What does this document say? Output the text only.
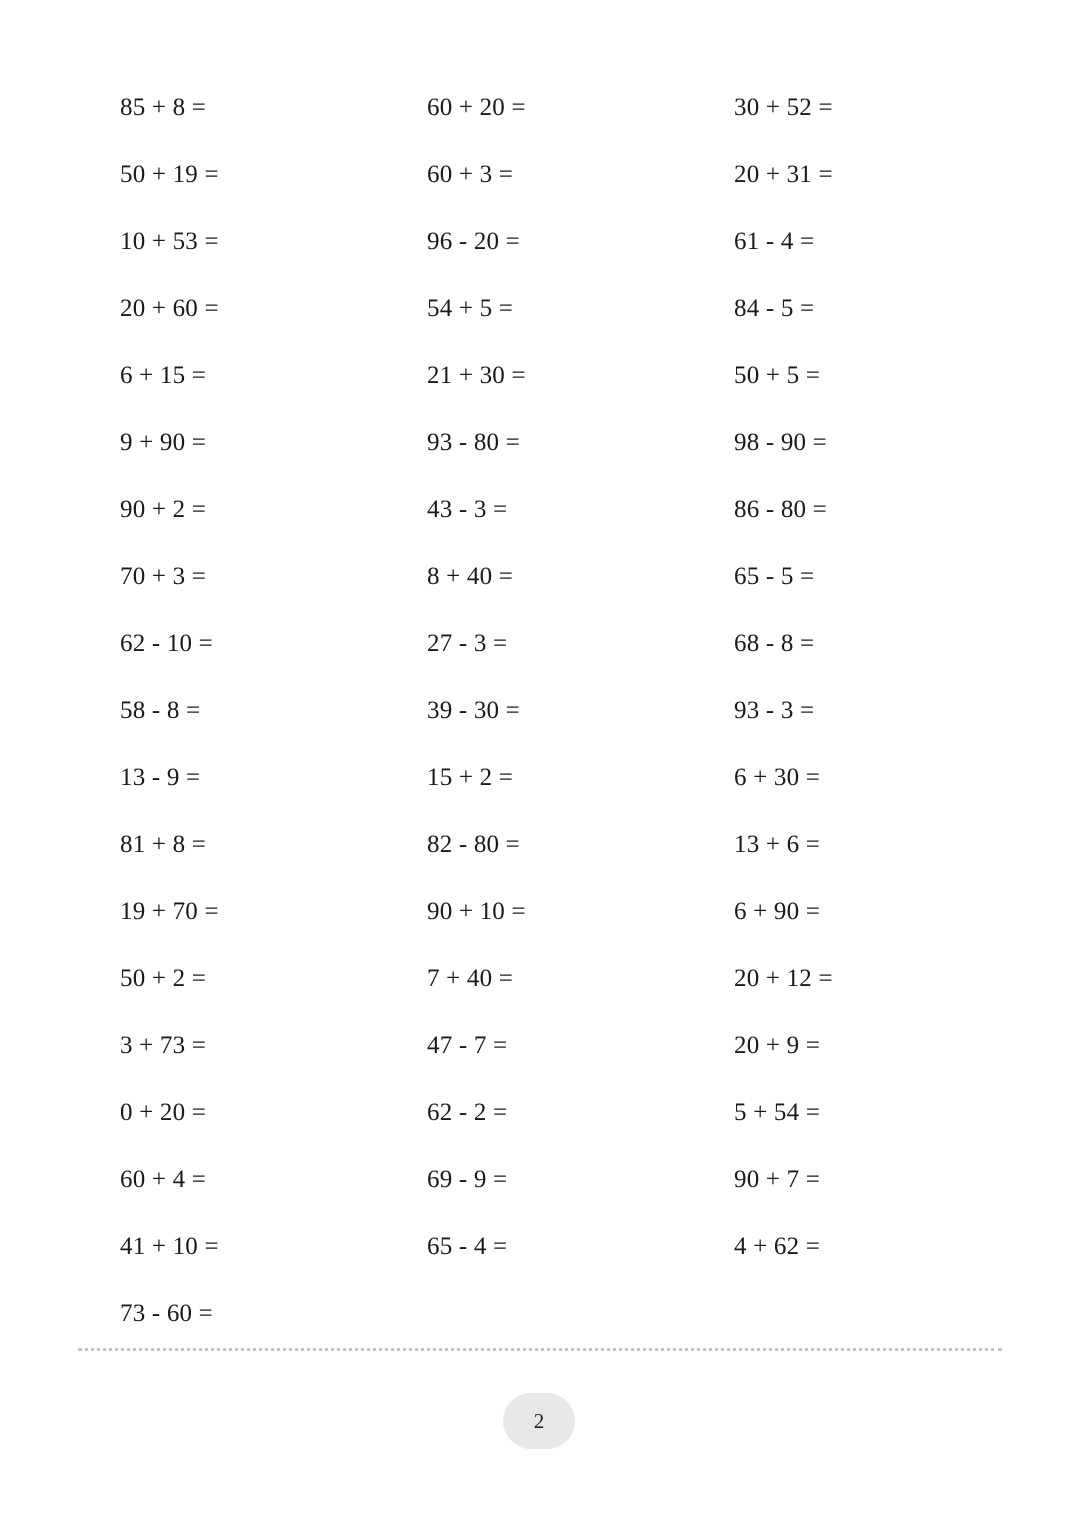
85 + 8 =	60 + 20 =	30 + 52 =
50 + 19 =	60 + 3 =	20 + 31 =
10 + 53 =	96 - 20 =	61 - 4 =
20 + 60 =	54 + 5 =	84 - 5 =
6 + 15 =	21 + 30 =	50 + 5 =
9 + 90 =	93 - 80 =	98 - 90 =
90 + 2 =	43 - 3 =	86 - 80 =
70 + 3 =	8 + 40 =	65 - 5 =
62 - 10 =	27 - 3 =	68 - 8 =
58 - 8 =	39 - 30 =	93 - 3 =
13 - 9 =	15 + 2 =	6 + 30 =
81 + 8 =	82 - 80 =	13 + 6 =
19 + 70 =	90 + 10 =	6 + 90 =
50 + 2 =	7 + 40 =	20 + 12 =
3 + 73 =	47 - 7 =	20 + 9 =
0 + 20 =	62 - 2 =	5 + 54 =
60 + 4 =	69 - 9 =	90 + 7 =
41 + 10 =	65 - 4 =	4 + 62 =
73 - 60 =
2
